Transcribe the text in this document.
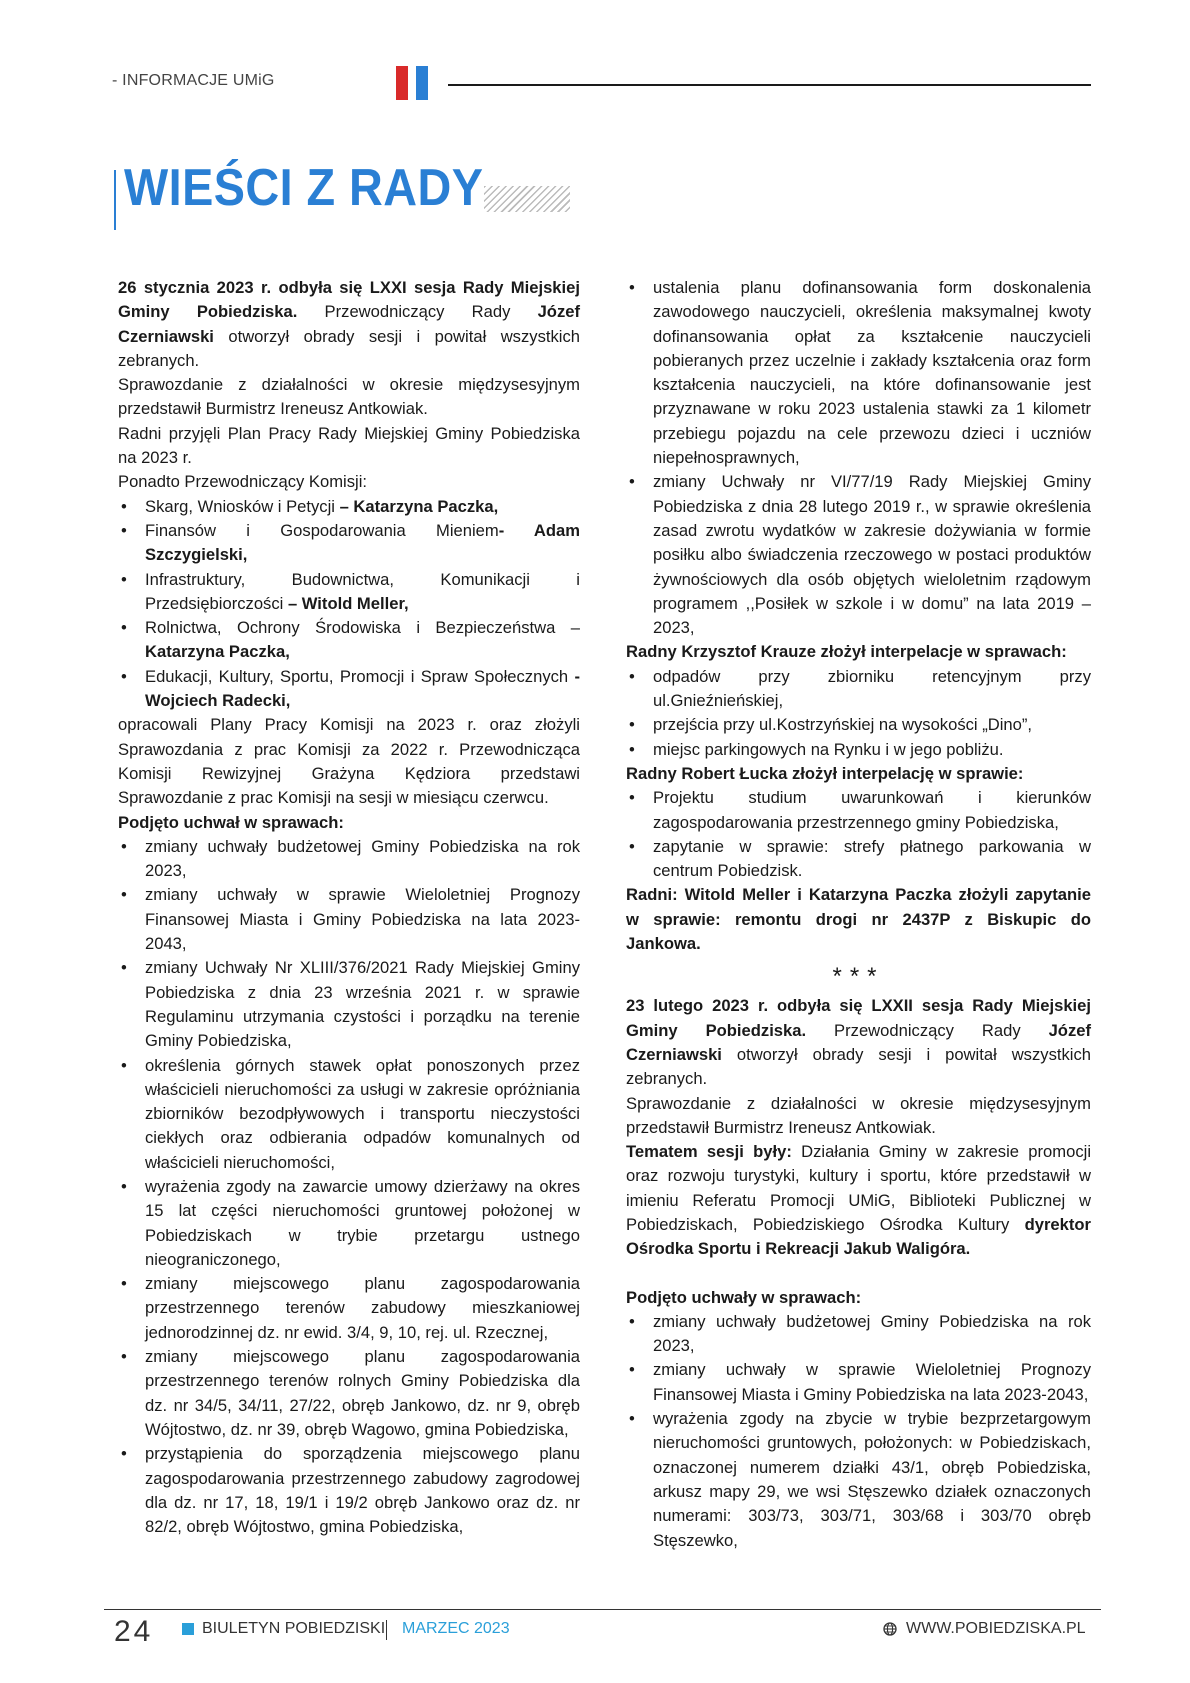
- INFORMACJE UMiG
WIEŚCI Z RADY

26 stycznia 2023 r. odbyła się LXXI sesja Rady Miejskiej Gminy Pobiedziska. Przewodniczący Rady Józef Czerniawski otworzył obrady sesji i powitał wszystkich zebranych.

Sprawozdanie z działalności w okresie międzysesyjnym przedstawił Burmistrz Ireneusz Antkowiak.

Radni przyjęli Plan Pracy Rady Miejskiej Gminy Pobiedziska na 2023 r.

Ponadto Przewodniczący Komisji:

• Skarg, Wniosków i Petycji – Katarzyna Paczka,
• Finansów i Gospodarowania Mieniem- Adam Szczygielski,
• Infrastruktury, Budownictwa, Komunikacji i Przedsiębiorczości – Witold Meller,
• Rolnictwa, Ochrony Środowiska i Bezpieczeństwa – Katarzyna Paczka,
• Edukacji, Kultury, Sportu, Promocji i Spraw Społecznych - Wojciech Radecki,

opracowali Plany Pracy Komisji na 2023 r. oraz złożyli Sprawozdania z prac Komisji za 2022 r. Przewodnicząca Komisji Rewizyjnej Grażyna Kędziora przedstawi Sprawozdanie z prac Komisji na sesji w miesiącu czerwcu.

Podjęto uchwał w sprawach:

• zmiany uchwały budżetowej Gminy Pobiedziska na rok 2023,
• zmiany uchwały w sprawie Wieloletniej Prognozy Finansowej Miasta i Gminy Pobiedziska na lata 2023-2043,
• zmiany Uchwały Nr XLIII/376/2021 Rady Miejskiej Gminy Pobiedziska z dnia 23 września 2021 r. w sprawie Regulaminu utrzymania czystości i porządku na terenie Gminy Pobiedziska,
• określenia górnych stawek opłat ponoszonych przez właścicieli nieruchomości za usługi w zakresie opróżniania zbiorników bezodpływowych i transportu nieczystości ciekłych oraz odbierania odpadów komunalnych od właścicieli nieruchomości,
• wyrażenia zgody na zawarcie umowy dzierżawy na okres 15 lat części nieruchomości gruntowej położonej w Pobiedziskach w trybie przetargu ustnego nieograniczonego,
• zmiany miejscowego planu zagospodarowania przestrzennego terenów zabudowy mieszkaniowej jednorodzinnej dz. nr ewid. 3/4, 9, 10, rej. ul. Rzecznej,
• zmiany miejscowego planu zagospodarowania przestrzennego terenów rolnych Gminy Pobiedziska dla dz. nr 34/5, 34/11, 27/22, obręb Jankowo, dz. nr 9, obręb Wójtostwo, dz. nr 39, obręb Wagowo, gmina Pobiedziska,
• przystąpienia do sporządzenia miejscowego planu zagospodarowania przestrzennego zabudowy zagrodowej dla dz. nr 17, 18, 19/1 i 19/2 obręb Jankowo oraz dz. nr 82/2, obręb Wójtostwo, gmina Pobiedziska,
• ustalenia planu dofinansowania form doskonalenia zawodowego nauczycieli, określenia maksymalnej kwoty dofinansowania opłat za kształcenie nauczycieli pobieranych przez uczelnie i zakłady kształcenia oraz form kształcenia nauczycieli, na które dofinansowanie jest przyznawane w roku 2023 ustalenia stawki za 1 kilometr przebiegu pojazdu na cele przewozu dzieci i uczniów niepełnosprawnych,
• zmiany Uchwały nr VI/77/19 Rady Miejskiej Gminy Pobiedziska z dnia 28 lutego 2019 r., w sprawie określenia zasad zwrotu wydatków w zakresie dożywiania w formie posiłku albo świadczenia rzeczowego w postaci produktów żywnościowych dla osób objętych wieloletnim rządowym programem ,,Posiłek w szkole i w domu” na lata 2019 – 2023,

Radny Krzysztof Krauze złożył interpelacje w sprawach:

• odpadów przy zbiorniku retencyjnym przy ul.Gnieźnieńskiej,
• przejścia przy ul.Kostrzyńskiej na wysokości „Dino”,
• miejsc parkingowych na Rynku i w jego pobliżu.

Radny Robert Łucka złożył interpelację w sprawie:

• Projektu studium uwarunkowań i kierunków zagospodarowania przestrzennego gminy Pobiedziska,
• zapytanie w sprawie: strefy płatnego parkowania w centrum Pobiedzisk.

Radni: Witold Meller i Katarzyna Paczka złożyli zapytanie w sprawie: remontu drogi nr 2437P z Biskupic do Jankowa.

***

23 lutego 2023 r. odbyła się LXXII sesja Rady Miejskiej Gminy Pobiedziska. Przewodniczący Rady Józef Czerniawski otworzył obrady sesji i powitał wszystkich zebranych.

Sprawozdanie z działalności w okresie międzysesyjnym przedstawił Burmistrz Ireneusz Antkowiak.

Tematem sesji były: Działania Gminy w zakresie promocji oraz rozwoju turystyki, kultury i sportu, które przedstawił w imieniu Referatu Promocji UMiG, Biblioteki Publicznej w Pobiedziskach, Pobiedziskiego Ośrodka Kultury dyrektor Ośrodka Sportu i Rekreacji Jakub Waligóra.

Podjęto uchwały w sprawach:

• zmiany uchwały budżetowej Gminy Pobiedziska na rok 2023,
• zmiany uchwały w sprawie Wieloletniej Prognozy Finansowej Miasta i Gminy Pobiedziska na lata 2023-2043,
• wyrażenia zgody na zbycie w trybie bezprzetargowym nieruchomości gruntowych, położonych: w Pobiedziskach, oznaczonej numerem działki 43/1, obręb Pobiedziska, arkusz mapy 29, we wsi Stęszewko działek oznaczonych numerami: 303/73, 303/71, 303/68 i 303/70 obręb Stęszewko,
24	BIULETYN POBIEDZISKI MARZEC 2023	WWW.POBIEDZISKA.PL
